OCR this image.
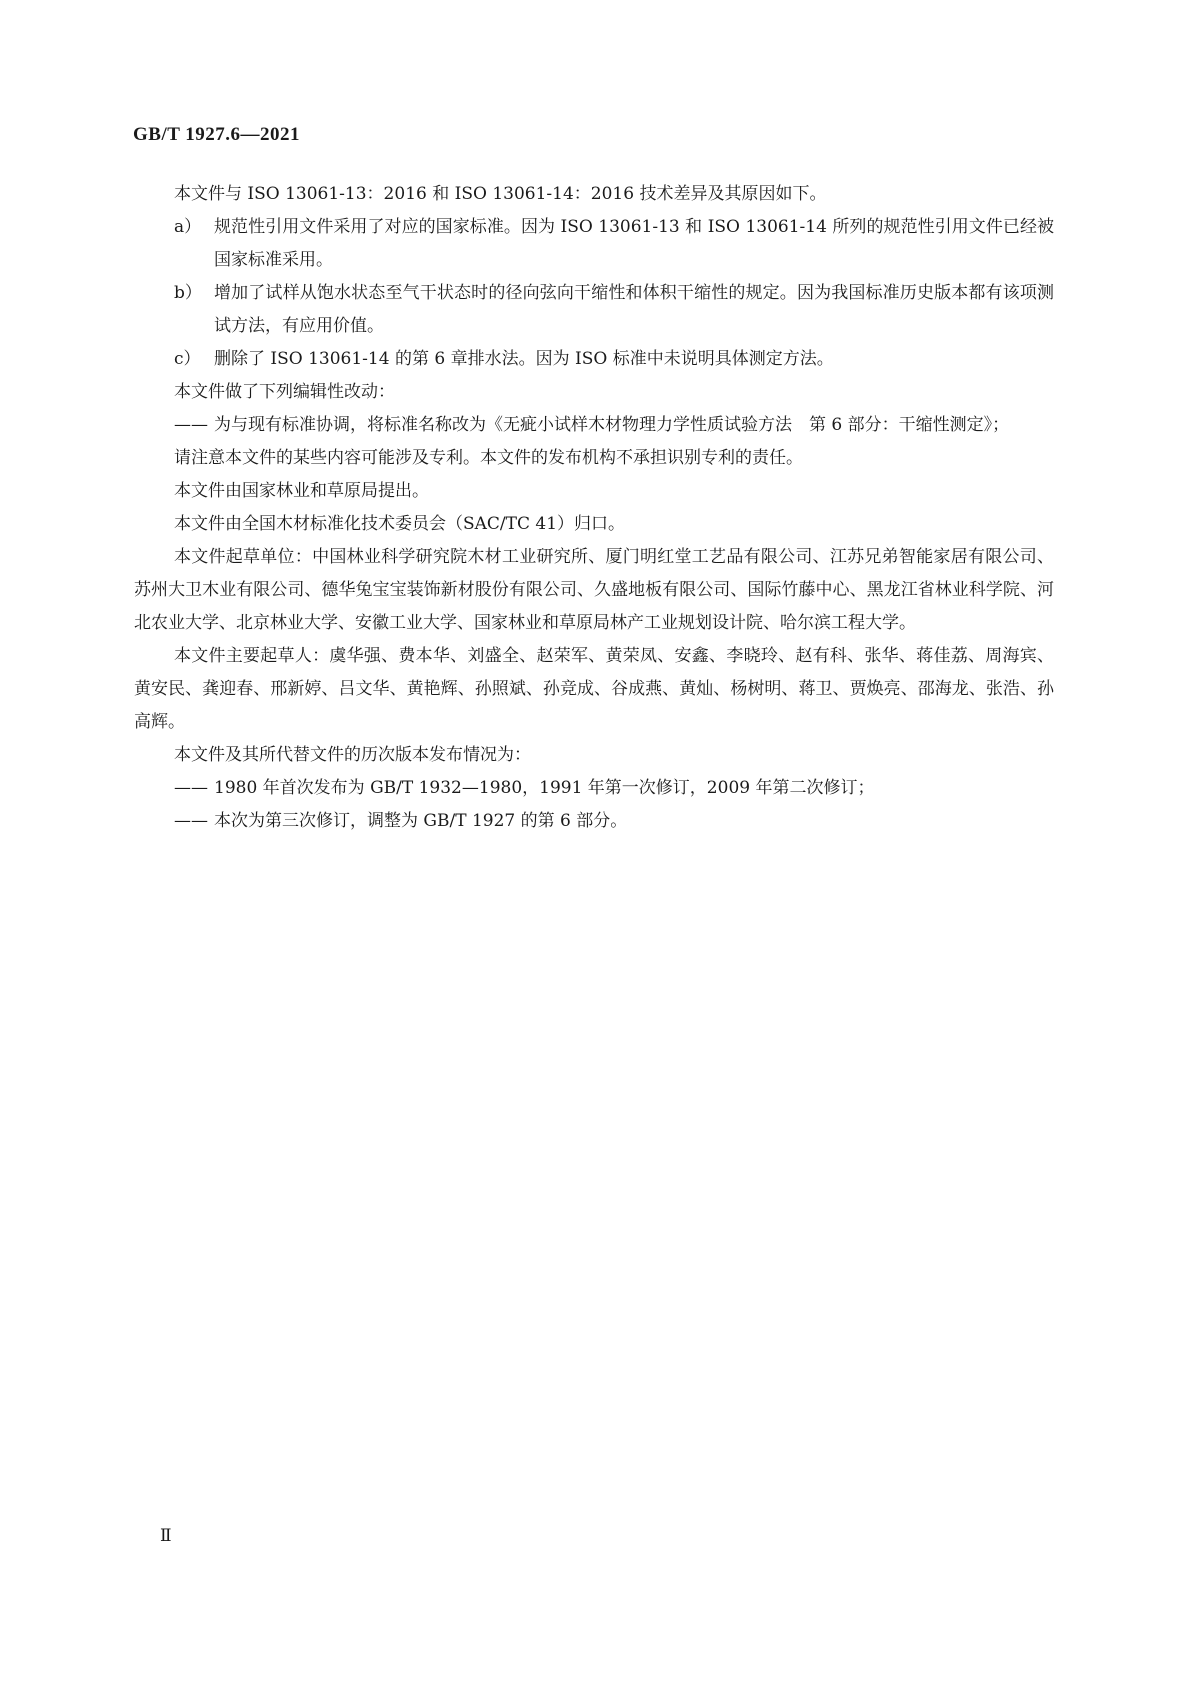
GB/T 1927.6—2021

本文件与 ISO 13061-13：2016 和 ISO 13061-14：2016 技术差异及其原因如下。

a） 规范性引用文件采用了对应的国家标准。因为 ISO 13061-13 和 ISO 13061-14 所列的规范性引用文件已经被国家标准采用。
b） 增加了试样从饱水状态至气干状态时的径向弦向干缩性和体积干缩性的规定。因为我国标准历史版本都有该项测试方法，有应用价值。
c） 删除了 ISO 13061-14 的第 6 章排水法。因为 ISO 标准中未说明具体测定方法。

本文件做了下列编辑性改动：

—— 为与现有标准协调，将标准名称改为《无疵小试样木材物理力学性质试验方法　第 6 部分：干缩性测定》；

请注意本文件的某些内容可能涉及专利。本文件的发布机构不承担识别专利的责任。

本文件由国家林业和草原局提出。

本文件由全国木材标准化技术委员会（SAC/TC 41）归口。

本文件起草单位：中国林业科学研究院木材工业研究所、厦门明红堂工艺品有限公司、江苏兄弟智能家居有限公司、苏州大卫木业有限公司、德华兔宝宝装饰新材股份有限公司、久盛地板有限公司、国际竹藤中心、黑龙江省林业科学院、河北农业大学、北京林业大学、安徽工业大学、国家林业和草原局林产工业规划设计院、哈尔滨工程大学。

本文件主要起草人：虞华强、费本华、刘盛全、赵荣军、黄荣凤、安鑫、李晓玲、赵有科、张华、蒋佳荔、周海宾、黄安民、龚迎春、邢新婷、吕文华、黄艳辉、孙照斌、孙竞成、谷成燕、黄灿、杨树明、蒋卫、贾焕亮、邵海龙、张浩、孙高辉。

本文件及其所代替文件的历次版本发布情况为：

—— 1980 年首次发布为 GB/T 1932—1980，1991 年第一次修订，2009 年第二次修订；
—— 本次为第三次修订，调整为 GB/T 1927 的第 6 部分。
Ⅱ
